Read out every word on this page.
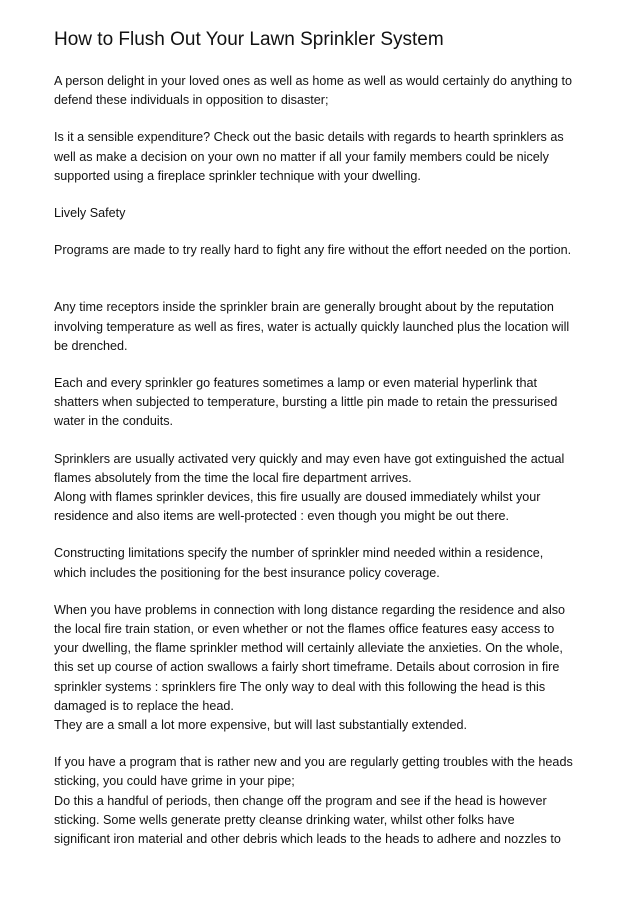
How to Flush Out Your Lawn Sprinkler System
A person delight in your loved ones as well as home as well as would certainly do anything to
defend these individuals in opposition to disaster;
Is it a sensible expenditure? Check out the basic details with regards to hearth sprinklers as
well as make a decision on your own no matter if all your family members could be nicely
supported using a fireplace sprinkler technique with your dwelling.
Lively Safety
Programs are made to try really hard to fight any fire without the effort needed on the portion.
Any time receptors inside the sprinkler brain are generally brought about by the reputation
involving temperature as well as fires, water is actually quickly launched plus the location will
be drenched.
Each and every sprinkler go features sometimes a lamp or even material hyperlink that
shatters when subjected to temperature, bursting a little pin made to retain the pressurised
water in the conduits.
Sprinklers are usually activated very quickly and may even have got extinguished the actual
flames absolutely from the time the local fire department arrives.
Along with flames sprinkler devices, this fire usually are doused immediately whilst your
residence and also items are well-protected : even though you might be out there.
Constructing limitations specify the number of sprinkler mind needed within a residence,
which includes the positioning for the best insurance policy coverage.
When you have problems in connection with long distance regarding the residence and also
the local fire train station, or even whether or not the flames office features easy access to
your dwelling, the flame sprinkler method will certainly alleviate the anxieties. On the whole,
this set up course of action swallows a fairly short timeframe. Details about corrosion in fire
sprinkler systems : sprinklers fire The only way to deal with this following the head is this
damaged is to replace the head.
They are a small a lot more expensive, but will last substantially extended.
If you have a program that is rather new and you are regularly getting troubles with the heads
sticking, you could have grime in your pipe;
Do this a handful of periods, then change off the program and see if the head is however
sticking. Some wells generate pretty cleanse drinking water, whilst other folks have
significant iron material and other debris which leads to the heads to adhere and nozzles to
